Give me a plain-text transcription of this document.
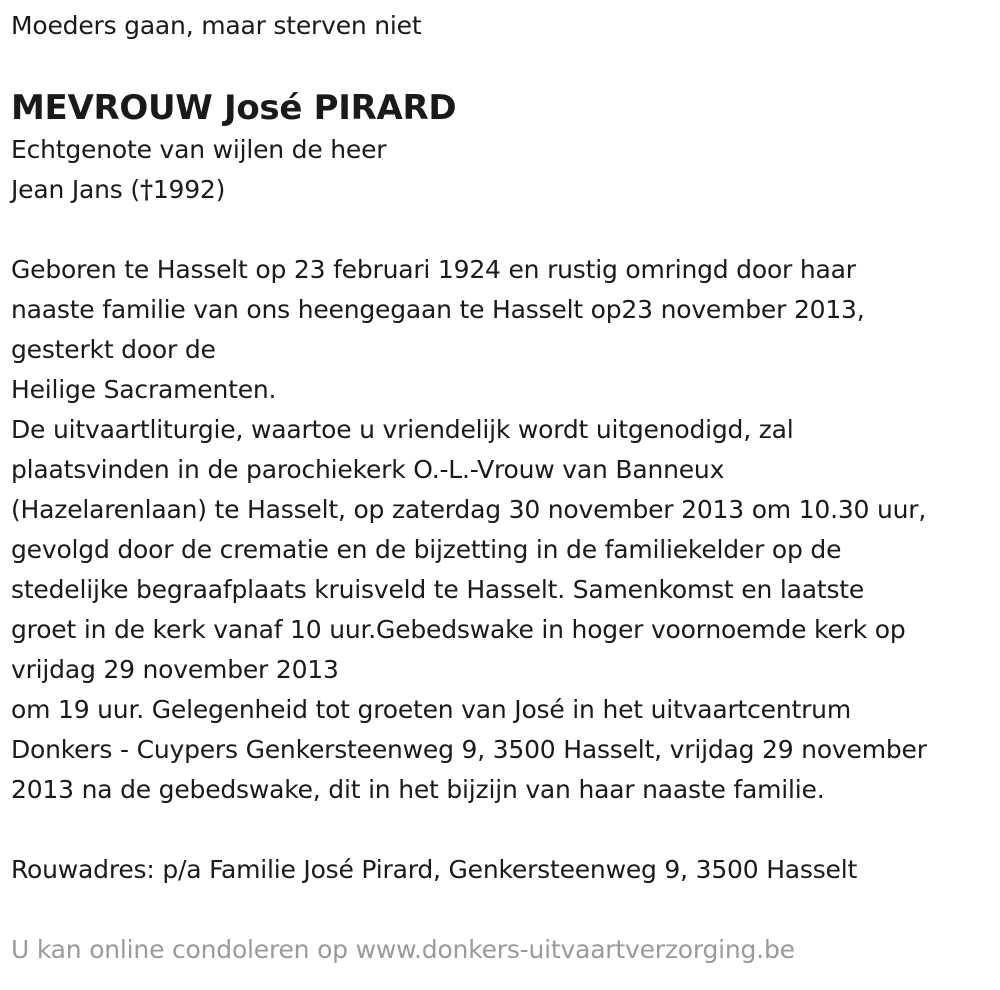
Moeders gaan, maar sterven niet
MEVROUW José PIRARD
Echtgenote van wijlen de heer
Jean Jans (†1992)
Geboren te Hasselt op 23 februari 1924 en rustig omringd door haar
naaste familie van ons heengegaan te Hasselt op23 november 2013,
gesterkt door de
Heilige Sacramenten.
De uitvaartliturgie, waartoe u vriendelijk wordt uitgenodigd, zal
plaatsvinden in de parochiekerk O.-L.-Vrouw van Banneux
(Hazelarenlaan) te Hasselt, op zaterdag 30 november 2013 om 10.30 uur,
gevolgd door de crematie en de bijzetting in de familiekelder op de
stedelijke begraafplaats kruisveld te Hasselt. Samenkomst en laatste
groet in de kerk vanaf 10 uur.Gebedswake in hoger voornoemde kerk op
vrijdag 29 november 2013
om 19 uur. Gelegenheid tot groeten van José in het uitvaartcentrum
Donkers - Cuypers Genkersteenweg 9, 3500 Hasselt, vrijdag 29 november
2013 na de gebedswake, dit in het bijzijn van haar naaste familie.
Rouwadres: p/a Familie José Pirard, Genkersteenweg 9, 3500 Hasselt
U kan online condoleren op www.donkers-uitvaartverzorging.be
